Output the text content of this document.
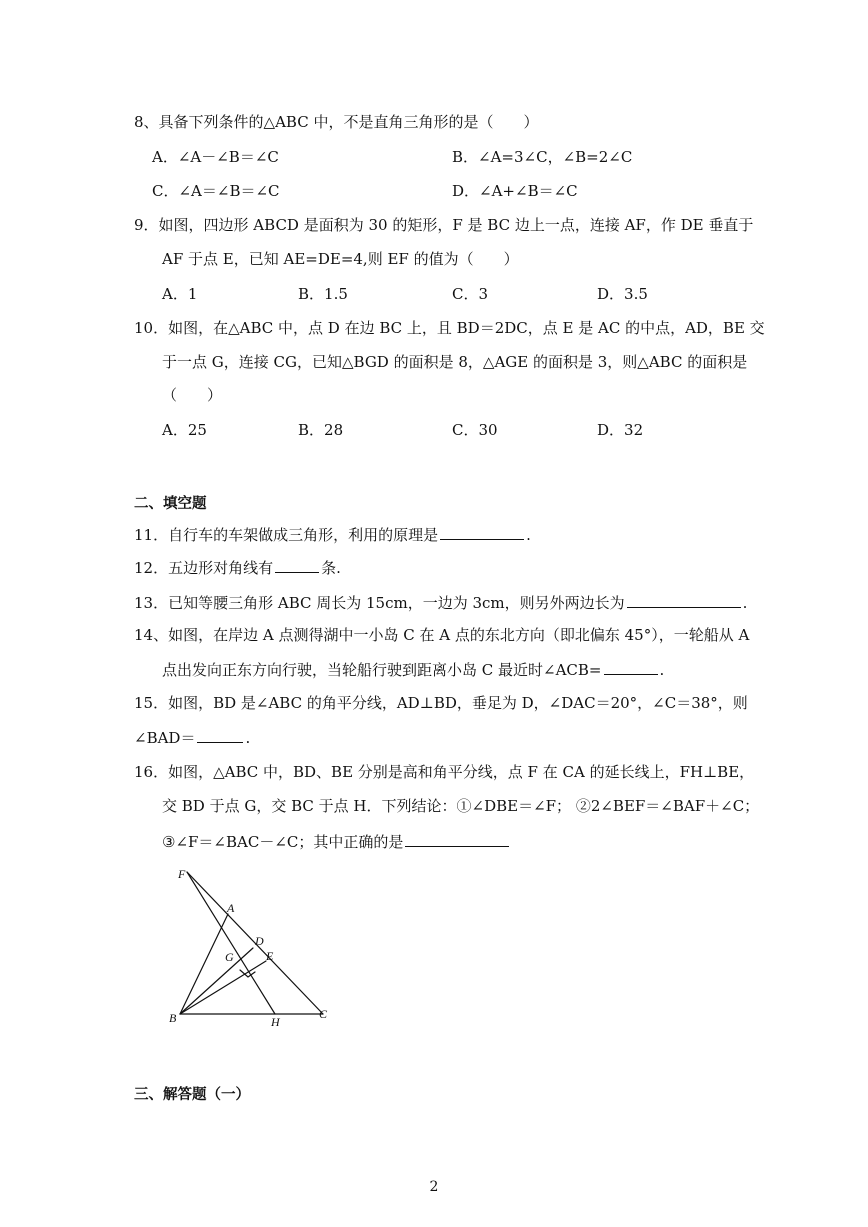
8、具备下列条件的△ABC 中，不是直角三角形的是（　　）
A．∠A－∠B＝∠C	B．∠A=3∠C，∠B=2∠C
C．∠A＝∠B＝∠C	D．∠A+∠B＝∠C
9．如图，四边形 ABCD 是面积为 30 的矩形，F 是 BC 边上一点，连接 AF，作 DE 垂直于
AF 于点 E，已知 AE=DE=4,则 EF 的值为（　　）
A．1	B．1.5	C．3	D．3.5
10．如图，在△ABC 中，点 D 在边 BC 上，且 BD＝2DC，点 E 是 AC 的中点，AD，BE 交
于一点 G，连接 CG，已知△BGD 的面积是 8，△AGE 的面积是 3，则△ABC 的面积是
（　　）
A．25	B．28	C．30	D．32
二、填空题
11．自行车的车架做成三角形，利用的原理是	.
12．五边形对角线有	条.
13．已知等腰三角形 ABC 周长为 15cm，一边为 3cm，则另外两边长为	.
14、如图，在岸边 A 点测得湖中一小岛 C 在 A 点的东北方向（即北偏东 45°），一轮船从 A
点出发向正东方向行驶，当轮船行驶到距离小岛 C 最近时∠ACB=	.
15．如图，BD 是∠ABC 的角平分线，AD⊥BD，垂足为 D，∠DAC＝20°，∠C＝38°，则
∠BAD＝	.
16．如图，△ABC 中，BD、BE 分别是高和角平分线，点 F 在 CA 的延长线上，FH⊥BE，
交 BD 于点 G，交 BC 于点 H．下列结论：①∠DBE＝∠F； ②2∠BEF＝∠BAF＋∠C；
③∠F＝∠BAC－∠C；其中正确的是
F
A
D
G	E
B	H
C
三、解答题（一）
2
